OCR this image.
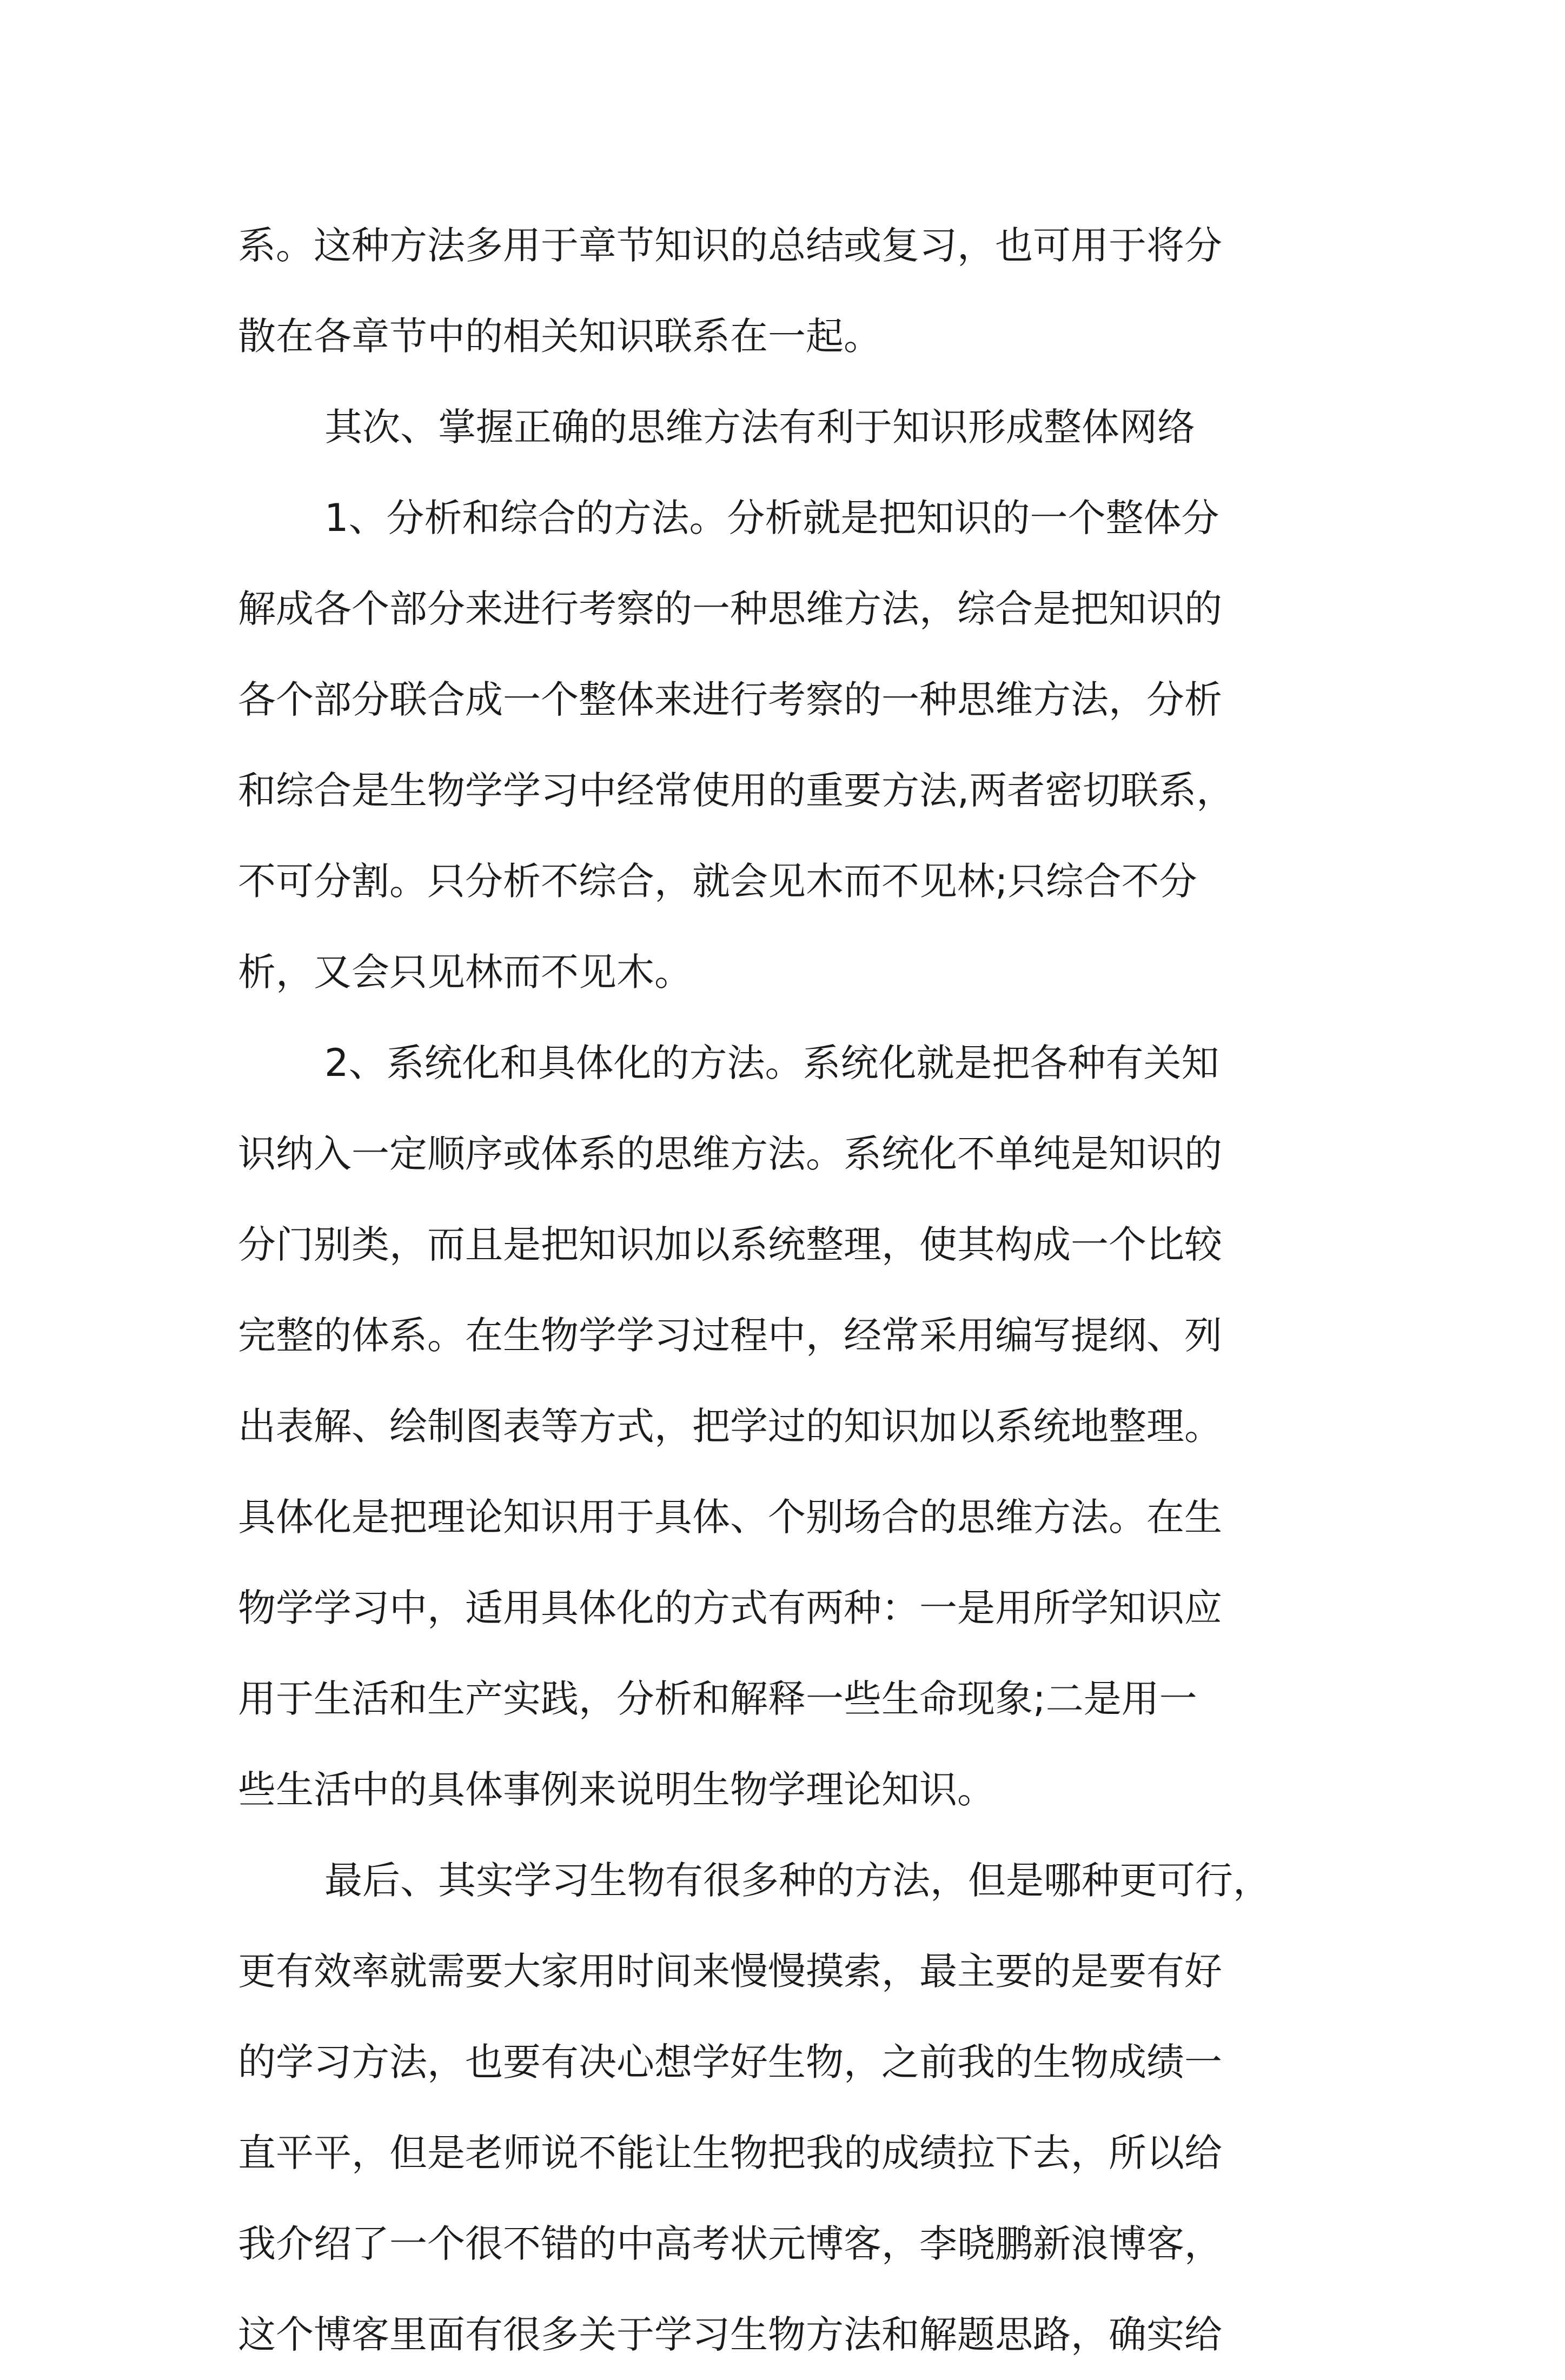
系。这种方法多用于章节知识的总结或复习，也可用于将分
散在各章节中的相关知识联系在一起。
其次、掌握正确的思维方法有利于知识形成整体网络
1、分析和综合的方法。分析就是把知识的一个整体分
解成各个部分来进行考察的一种思维方法，综合是把知识的
各个部分联合成一个整体来进行考察的一种思维方法，分析
和综合是生物学学习中经常使用的重要方法,两者密切联系，
不可分割。只分析不综合，就会见木而不见林;只综合不分
析，又会只见林而不见木。
2、系统化和具体化的方法。系统化就是把各种有关知
识纳入一定顺序或体系的思维方法。系统化不单纯是知识的
分门别类，而且是把知识加以系统整理，使其构成一个比较
完整的体系。在生物学学习过程中，经常采用编写提纲、列
出表解、绘制图表等方式，把学过的知识加以系统地整理。
具体化是把理论知识用于具体、个别场合的思维方法。在生
物学学习中，适用具体化的方式有两种：一是用所学知识应
用于生活和生产实践，分析和解释一些生命现象;二是用一
些生活中的具体事例来说明生物学理论知识。
最后、其实学习生物有很多种的方法，但是哪种更可行，
更有效率就需要大家用时间来慢慢摸索，最主要的是要有好
的学习方法，也要有决心想学好生物，之前我的生物成绩一
直平平，但是老师说不能让生物把我的成绩拉下去，所以给
我介绍了一个很不错的中高考状元博客，李晓鹏新浪博客，
这个博客里面有很多关于学习生物方法和解题思路，确实给
